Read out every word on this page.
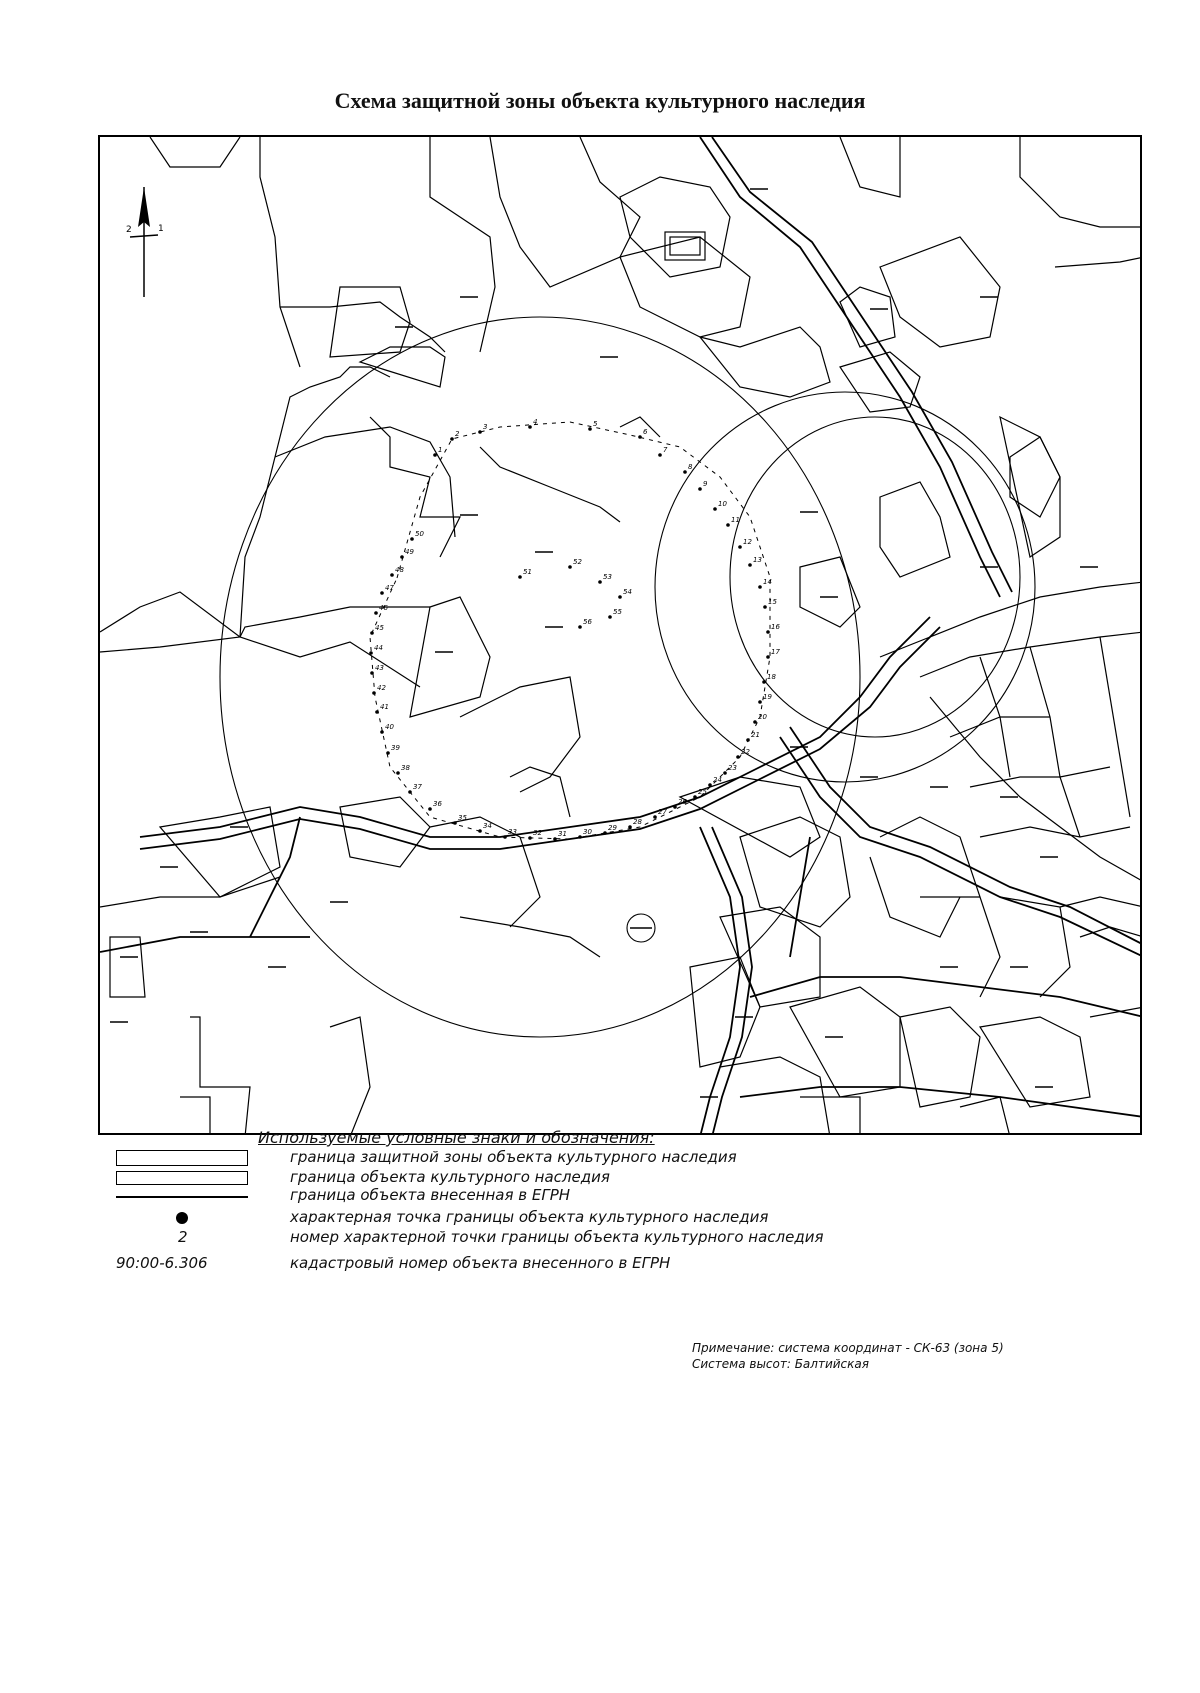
Схема защитной зоны объекта культурного наследия
1
2
3
4	5
6
7
8
9
10
11
12
13
14
15
16
17
18
19
20
21
22
23
24
25
26
27
28
29
30
31
32
33
34
35
36
37
38
39
40
41
42
43
44
45
46
47
48
49
50
51
52
53
54
55
56
2	1
Используемые условные знаки и обозначения:
граница защитной зоны объекта культурного наследия
граница объекта культурного наследия
граница объекта внесенная в ЕГРН
характерная точка границы объекта культурного наследия
2	номер характерной точки границы объекта культурного наследия
90:00-6.306	кадастровый номер объекта внесенного в ЕГРН
Примечание: система координат - СК-63 (зона 5)
Система высот: Балтийская
